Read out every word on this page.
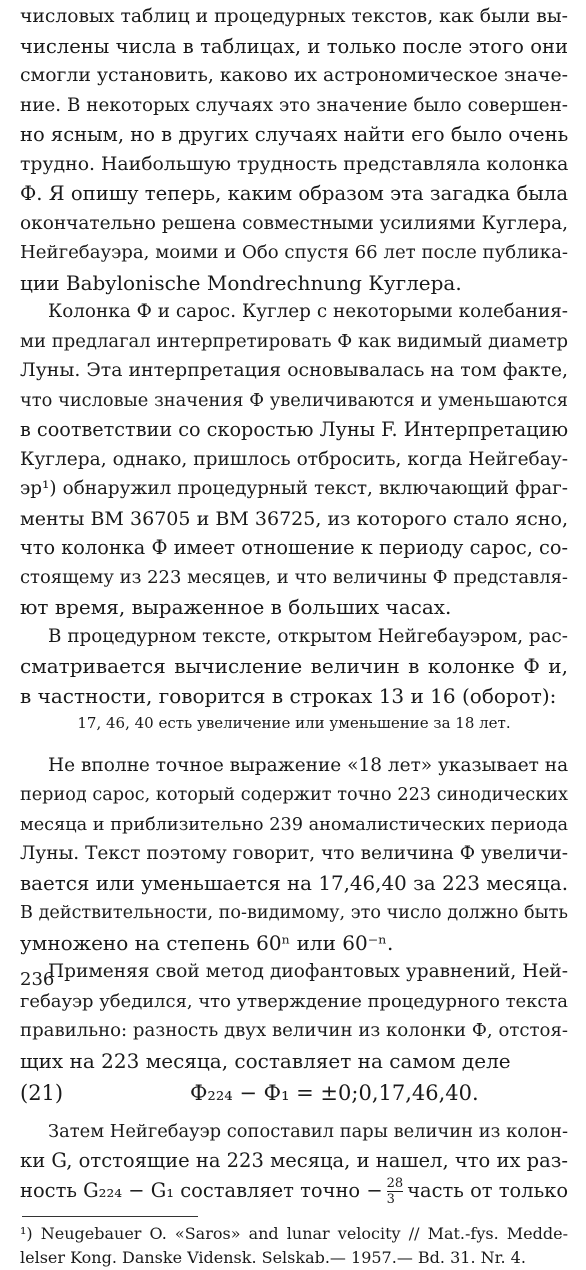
числовых таблиц и процедурных текстов, как были вы-
числены числа в таблицах, и только после этого они
смогли установить, каково их астрономическое значе-
ние. В некоторых случаях это значение было совершен-
но ясным, но в других случаях найти его было очень
трудно. Наибольшую трудность представляла колонка
Ф. Я опишу теперь, каким образом эта загадка была
окончательно решена совместными усилиями Куглера,
Нейгебауэра, моими и Обо спустя 66 лет после публика-
ции Babylonische Mondrechnung Куглера.
Колонка Ф и сарос. Куглер с некоторыми колебания-
ми предлагал интерпретировать Ф как видимый диаметр
Луны. Эта интерпретация основывалась на том факте,
что числовые значения Ф увеличиваются и уменьшаются
в соответствии со скоростью Луны F. Интерпретацию
Куглера, однако, пришлось отбросить, когда Нейгебау-
эр¹) обнаружил процедурный текст, включающий фраг-
менты ВМ 36705 и ВМ 36725, из которого стало ясно,
что колонка Ф имеет отношение к периоду сарос, со-
стоящему из 223 месяцев, и что величины Ф представля-
ют время, выраженное в больших часах.
В процедурном тексте, открытом Нейгебауэром, рас-
сматривается вычисление величин в колонке Ф и,
в частности, говорится в строках 13 и 16 (оборот):
17, 46, 40 есть увеличение или уменьшение за 18 лет.
Не вполне точное выражение «18 лет» указывает на
период сарос, который содержит точно 223 синодических
месяца и приблизительно 239 аномалистических периода
Луны. Текст поэтому говорит, что величина Ф увеличи-
вается или уменьшается на 17,46,40 за 223 месяца.
В действительности, по-видимому, это число должно быть
умножено на степень 60ⁿ или 60⁻ⁿ.
Применяя свой метод диофантовых уравнений, Ней-
гебауэр убедился, что утверждение процедурного текста
правильно: разность двух величин из колонки Ф, отстоя-
щих на 223 месяца, составляет на самом деле
(21)	Ф₂₂₄ − Ф₁ = ±0;0,17,46,40.
Затем Нейгебауэр сопоставил пары величин из колон-
ки G, отстоящие на 223 месяца, и нашел, что их раз-
ность G₂₂₄ − G₁ составляет точно − $\frac{28}{3}$ часть от только
¹) Neugebauer O. «Saros» and lunar velocity // Mat.-fys. Medde-
lelser Kong. Danske Vidensk. Selskab.— 1957.— Bd. 31. Nr. 4.
236
